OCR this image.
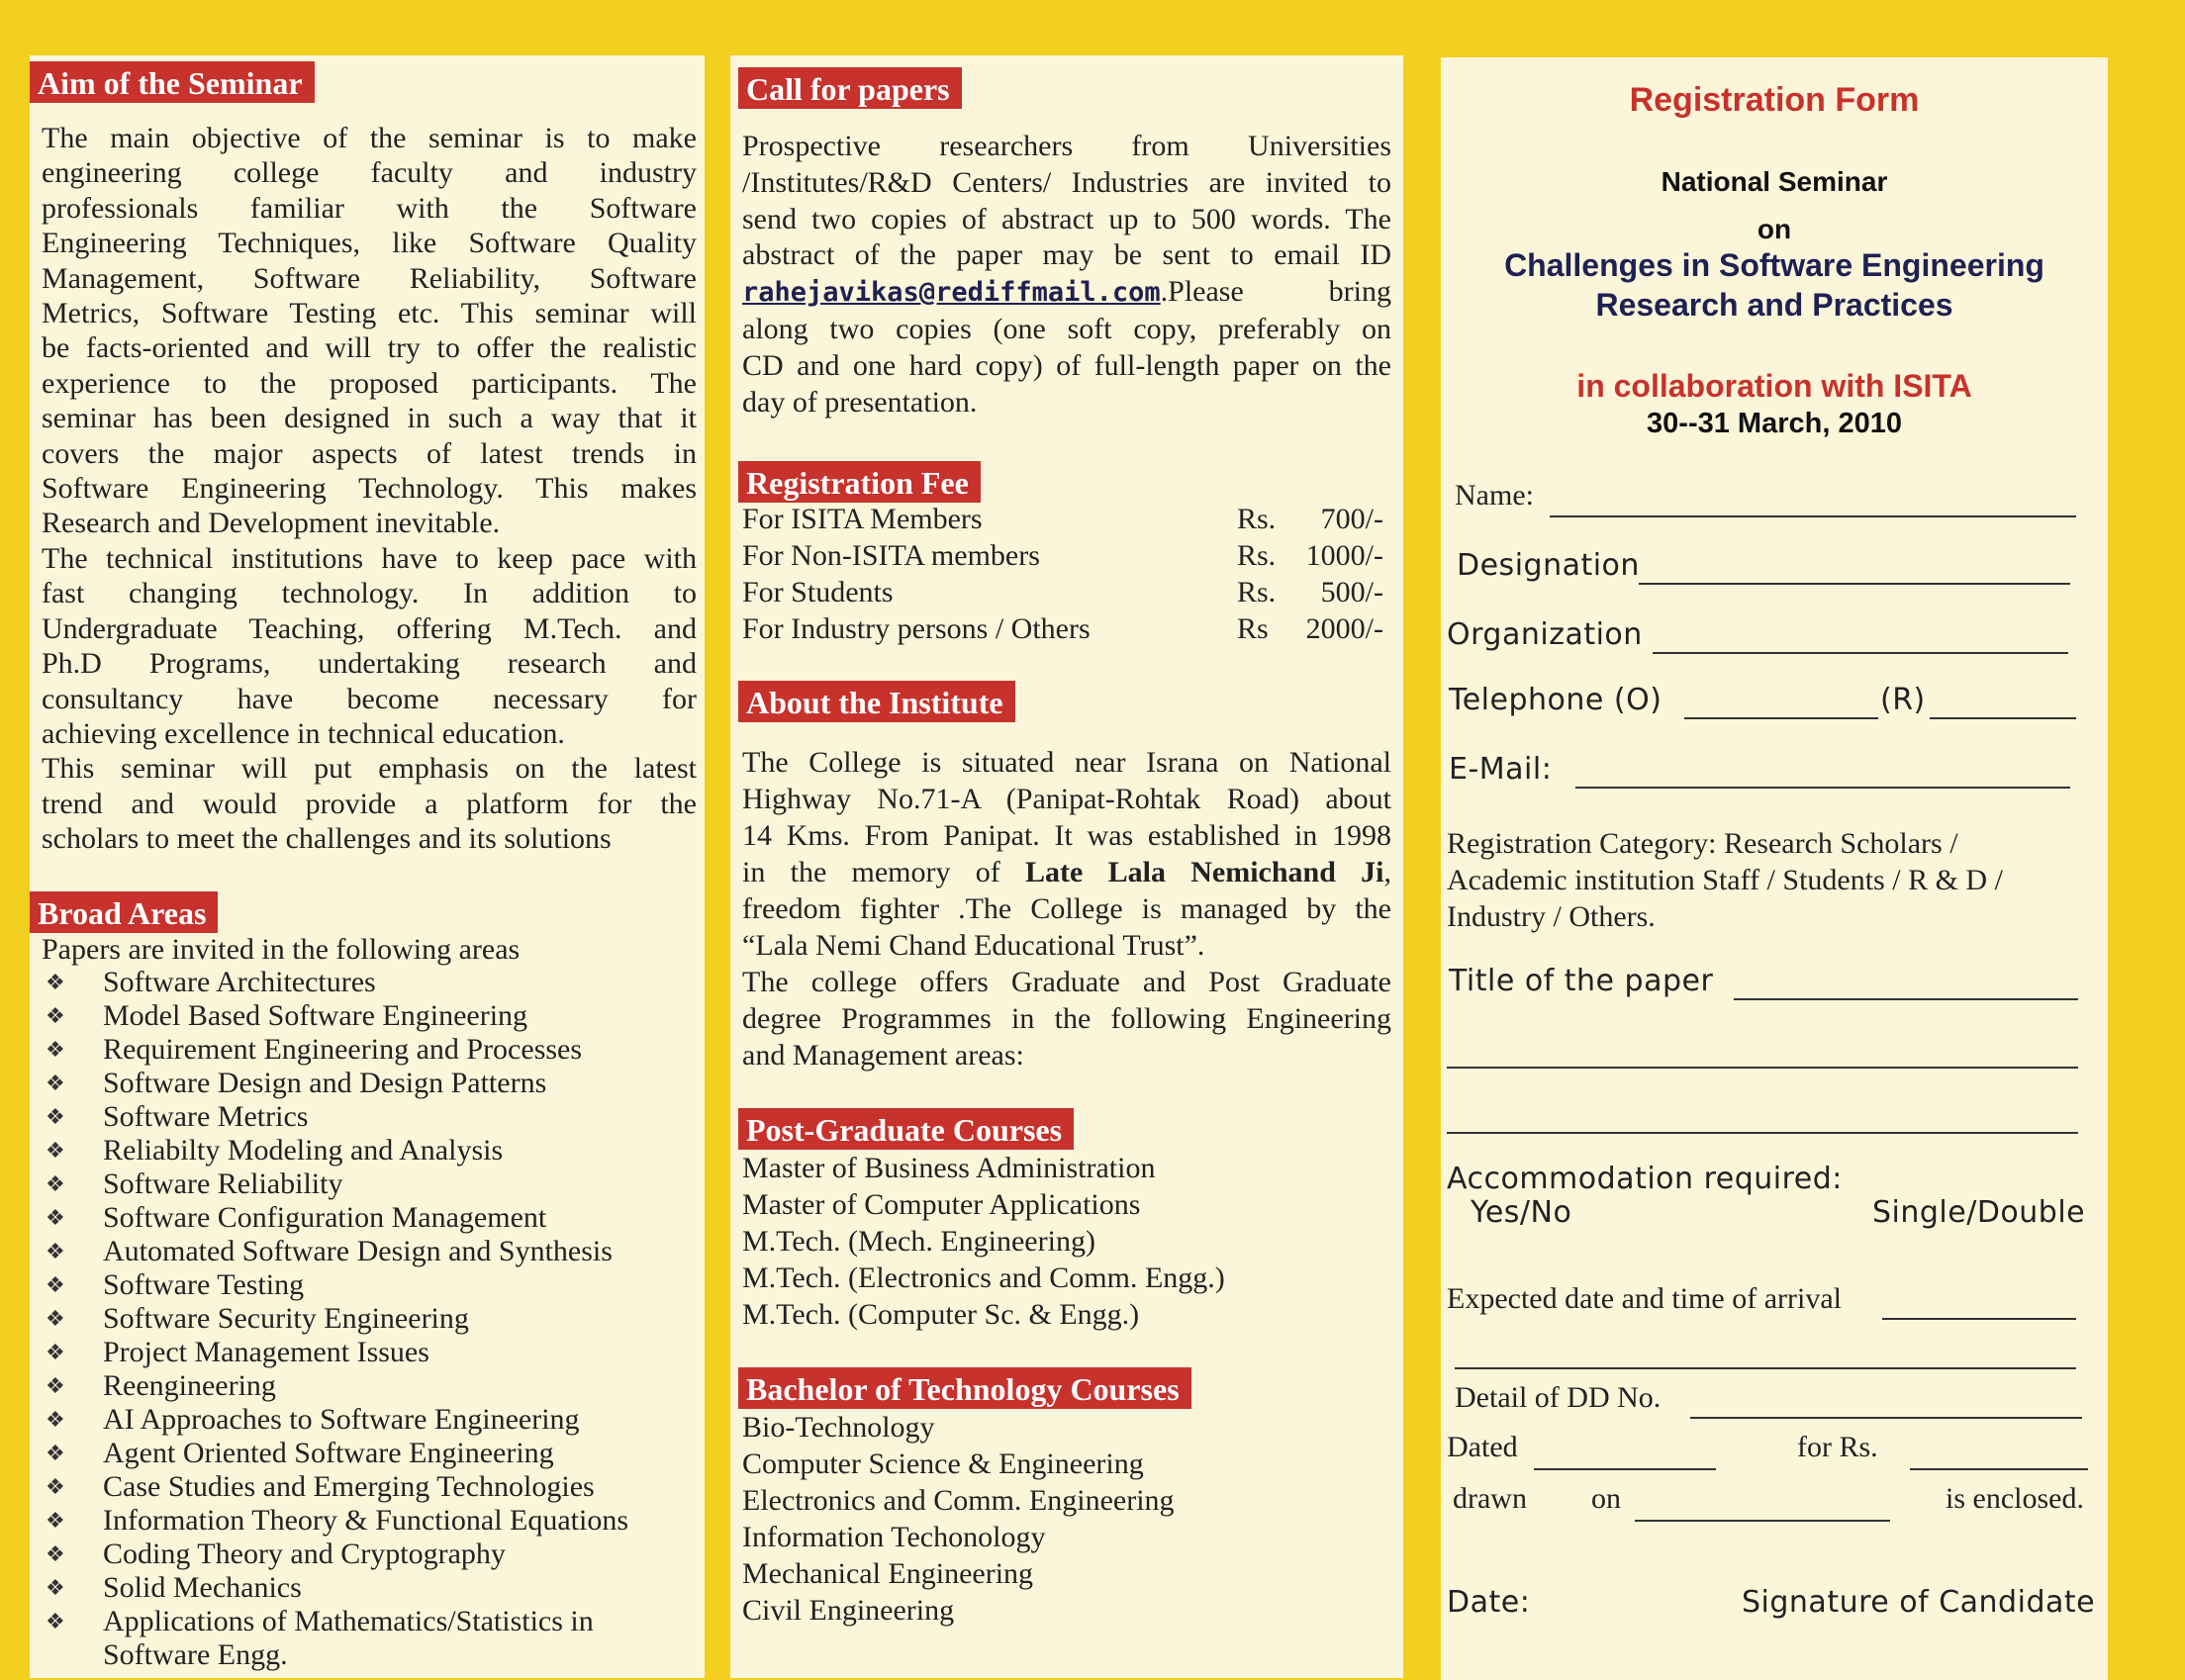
Aim of the Seminar
The main objective of the seminar is to make
engineering college faculty and industry
professionals familiar with the Software
Engineering Techniques, like Software Quality
Management, Software Reliability, Software
Metrics, Software Testing etc. This seminar will
be facts-oriented and will try to offer the realistic
experience to the proposed participants. The
seminar has been designed in such a way that it
covers the major aspects of latest trends in
Software Engineering Technology. This makes
Research and Development inevitable.
The technical institutions have to keep pace with
fast changing technology. In addition to
Undergraduate Teaching, offering M.Tech. and
Ph.D Programs, undertaking research and
consultancy have become necessary for
achieving excellence in technical education.
This seminar will put emphasis on the latest
trend and would provide a platform for the
scholars to meet the challenges and its solutions
Broad Areas
Papers are invited in the following areas
❖ Software Architectures
❖ Model Based Software Engineering
❖ Requirement Engineering and Processes
❖ Software Design and Design Patterns
❖ Software Metrics
❖ Reliabilty Modeling and Analysis
❖ Software Reliability
❖ Software Configuration Management
❖ Automated Software Design and Synthesis
❖ Software Testing
❖ Software Security Engineering
❖ Project Management Issues
❖ Reengineering
❖ AI Approaches to Software Engineering
❖ Agent Oriented Software Engineering
❖ Case Studies and Emerging Technologies
❖ Information Theory & Functional Equations
❖ Coding Theory and Cryptography
❖ Solid Mechanics
❖ Applications of Mathematics/Statistics in
Software Engg.
Call for papers
Prospective researchers from Universities
/Institutes/R&D Centers/ Industries are invited to
send two copies of abstract up to 500 words. The
abstract of the paper may be sent to email ID
rahejavikas@rediffmail.com.Please bring
along two copies (one soft copy, preferably on
CD and one hard copy) of full-length paper on the
day of presentation.
Registration Fee
For ISITA Members	Rs.	700/-
For Non-ISITA members	Rs.	1000/-
For Students	Rs.	500/-
For Industry persons / Others	Rs	2000/-
About the Institute
The College is situated near Israna on National
Highway No.71-A (Panipat-Rohtak Road) about
14 Kms. From Panipat. It was established in 1998
in the memory of Late Lala Nemichand Ji,
freedom fighter .The College is managed by the
“Lala Nemi Chand Educational Trust”.
The college offers Graduate and Post Graduate
degree Programmes in the following Engineering
and Management areas:
Post-Graduate Courses
Master of Business Administration
Master of Computer Applications
M.Tech. (Mech. Engineering)
M.Tech. (Electronics and Comm. Engg.)
M.Tech. (Computer Sc. & Engg.)
Bachelor of Technology Courses
Bio-Technology
Computer Science & Engineering
Electronics and Comm. Engineering
Information Techonology
Mechanical Engineering
Civil Engineering
Registration Form
National Seminar
on
Challenges in Software Engineering
Research and Practices
in collaboration with ISITA
30--31 March, 2010
Name:
Designation
Organization
Telephone (O)	(R)
E-Mail:
Registration Category: Research Scholars /
Academic institution Staff / Students / R & D /
Industry / Others.
Title of the paper
Accommodation required:
Yes/No	Single/Double
Expected date and time of arrival
Detail of DD No.
Dated	for Rs.
drawn on	is enclosed.
Date:	Signature of Candidate
